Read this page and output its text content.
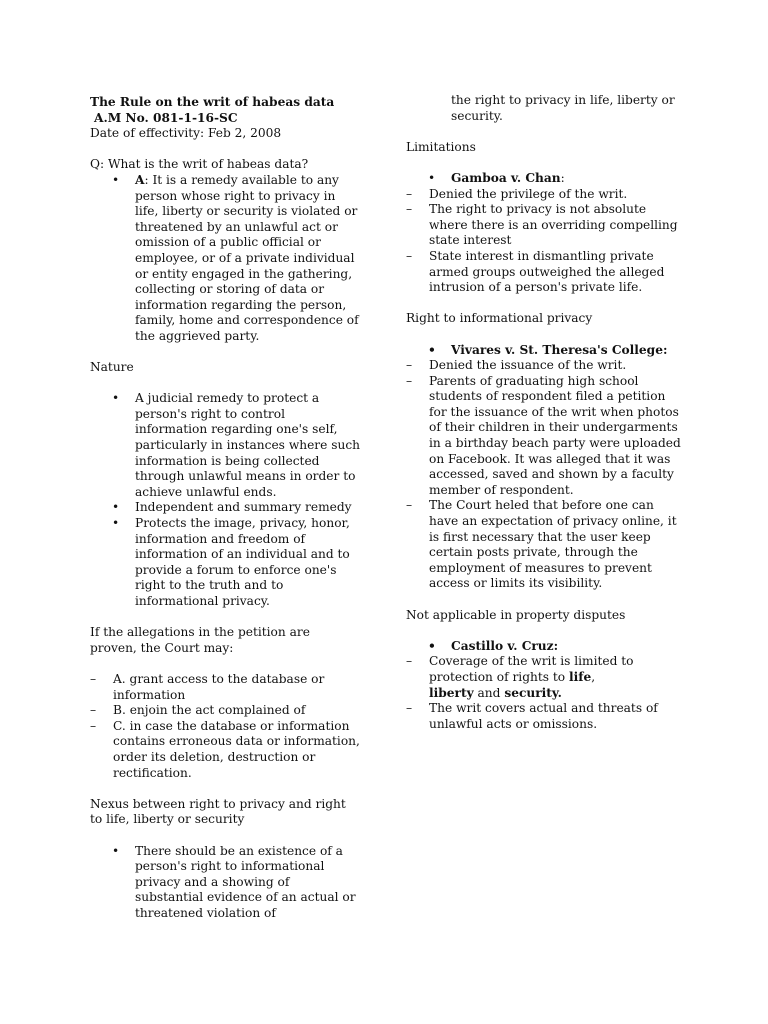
The Rule on the writ of habeas data

A.M No. 081-1-16-SC

Date of effectivity: Feb 2, 2008

Q: What is the writ of habeas data?

• A: It is a remedy available to any person whose right to privacy in life, liberty or security is violated or threatened by an unlawful act or omission of a public official or employee, or of a private individual or entity engaged in the gathering, collecting or storing of data or information regarding the person, family, home and correspondence of the aggrieved party.

Nature

• A judicial remedy to protect a person's right to control information regarding one's self, particularly in instances where such information is being collected through unlawful means in order to achieve unlawful ends.
• Independent and summary remedy
• Protects the image, privacy, honor, information and freedom of information of an individual and to provide a forum to enforce one's right to the truth and to informational privacy.

If the allegations in the petition are proven, the Court may:

– A. grant access to the database or information
– B. enjoin the act complained of
– C. in case the database or information contains erroneous data or information, order its deletion, destruction or rectification.

Nexus between right to privacy and right to life, liberty or security

• There should be an existence of a person's right to informational privacy and a showing of substantial evidence of an actual or threatened violation of

the right to privacy in life, liberty or security.

Limitations

• Gamboa v. Chan:
– Denied the privilege of the writ.
– The right to privacy is not absolute where there is an overriding compelling state interest
– State interest in dismantling private armed groups outweighed the alleged intrusion of a person's private life.

Right to informational privacy

• Vivares v. St. Theresa's College:
– Denied the issuance of the writ.
– Parents of graduating high school students of respondent filed a petition for the issuance of the writ when photos of their children in their undergarments in a birthday beach party were uploaded on Facebook. It was alleged that it was accessed, saved and shown by a faculty member of respondent.
– The Court heled that before one can have an expectation of privacy online, it is first necessary that the user keep certain posts private, through the employment of measures to prevent access or limits its visibility.

Not applicable in property disputes

• Castillo v. Cruz:
– Coverage of the writ is limited to protection of rights to life,
liberty and security.
– The writ covers actual and threats of unlawful acts or omissions.
